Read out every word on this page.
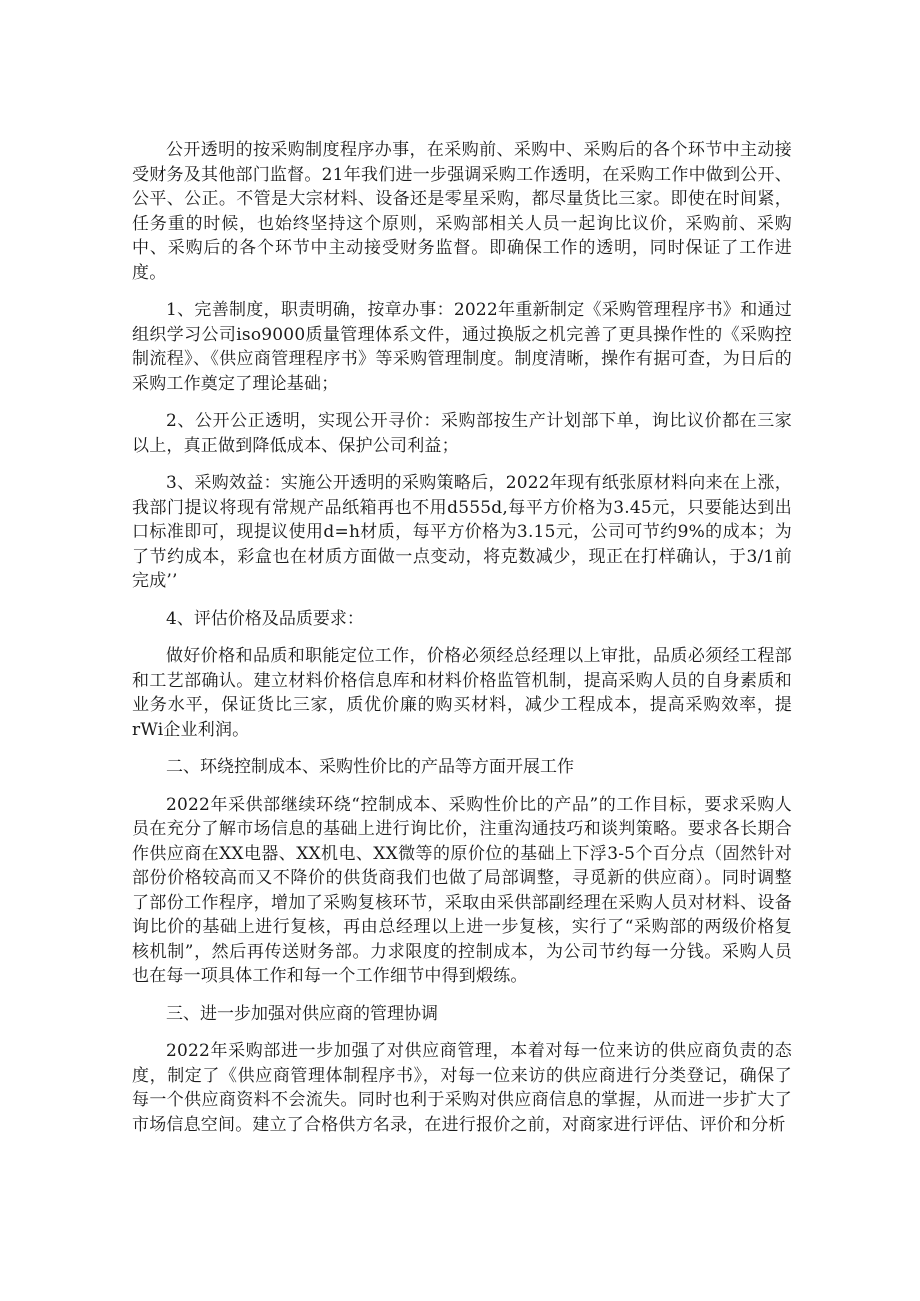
公开透明的按采购制度程序办事，在采购前、采购中、采购后的各个环节中主动接受财务及其他部门监督。21年我们进一步强调采购工作透明，在采购工作中做到公开、公平、公正。不管是大宗材料、设备还是零星采购，都尽量货比三家。即使在时间紧，任务重的时候，也始终坚持这个原则，采购部相关人员一起询比议价，采购前、采购中、采购后的各个环节中主动接受财务监督。即确保工作的透明，同时保证了工作进度。

1、完善制度，职责明确，按章办事：2022年重新制定《采购管理程序书》和通过组织学习公司iso9000质量管理体系文件，通过换版之机完善了更具操作性的《采购控制流程》、《供应商管理程序书》等采购管理制度。制度清晰，操作有据可查，为日后的采购工作奠定了理论基础；

2、公开公正透明，实现公开寻价：采购部按生产计划部下单，询比议价都在三家以上，真正做到降低成本、保护公司利益；

3、采购效益：实施公开透明的采购策略后，2022年现有纸张原材料向来在上涨，我部门提议将现有常规产品纸箱再也不用d555d,每平方价格为3.45元，只要能达到出口标准即可，现提议使用d=h材质，每平方价格为3.15元，公司可节约9%的成本；为了节约成本，彩盒也在材质方面做一点变动，将克数减少，现正在打样确认，于3/1前完成’’

4、评估价格及品质要求：

做好价格和品质和职能定位工作，价格必须经总经理以上审批，品质必须经工程部和工艺部确认。建立材料价格信息库和材料价格监管机制，提高采购人员的自身素质和业务水平，保证货比三家，质优价廉的购买材料，减少工程成本，提高采购效率，提rWi企业利润。

二、环绕控制成本、采购性价比的产品等方面开展工作

2022年采供部继续环绕“控制成本、采购性价比的产品”的工作目标，要求采购人员在充分了解市场信息的基础上进行询比价，注重沟通技巧和谈判策略。要求各长期合作供应商在XX电器、XX机电、XX微等的原价位的基础上下浮3-5个百分点（固然针对部份价格较高而又不降价的供货商我们也做了局部调整，寻觅新的供应商）。同时调整了部份工作程序，增加了采购复核环节，采取由采供部副经理在采购人员对材料、设备询比价的基础上进行复核，再由总经理以上进一步复核，实行了“采购部的两级价格复核机制”，然后再传送财务部。力求限度的控制成本，为公司节约每一分钱。采购人员也在每一项具体工作和每一个工作细节中得到煅练。

三、进一步加强对供应商的管理协调

2022年采购部进一步加强了对供应商管理，本着对每一位来访的供应商负责的态度，制定了《供应商管理体制程序书》，对每一位来访的供应商进行分类登记，确保了每一个供应商资料不会流失。同时也利于采购对供应商信息的掌握，从而进一步扩大了市场信息空间。建立了合格供方名录，在进行报价之前，对商家进行评估、评价和分析
